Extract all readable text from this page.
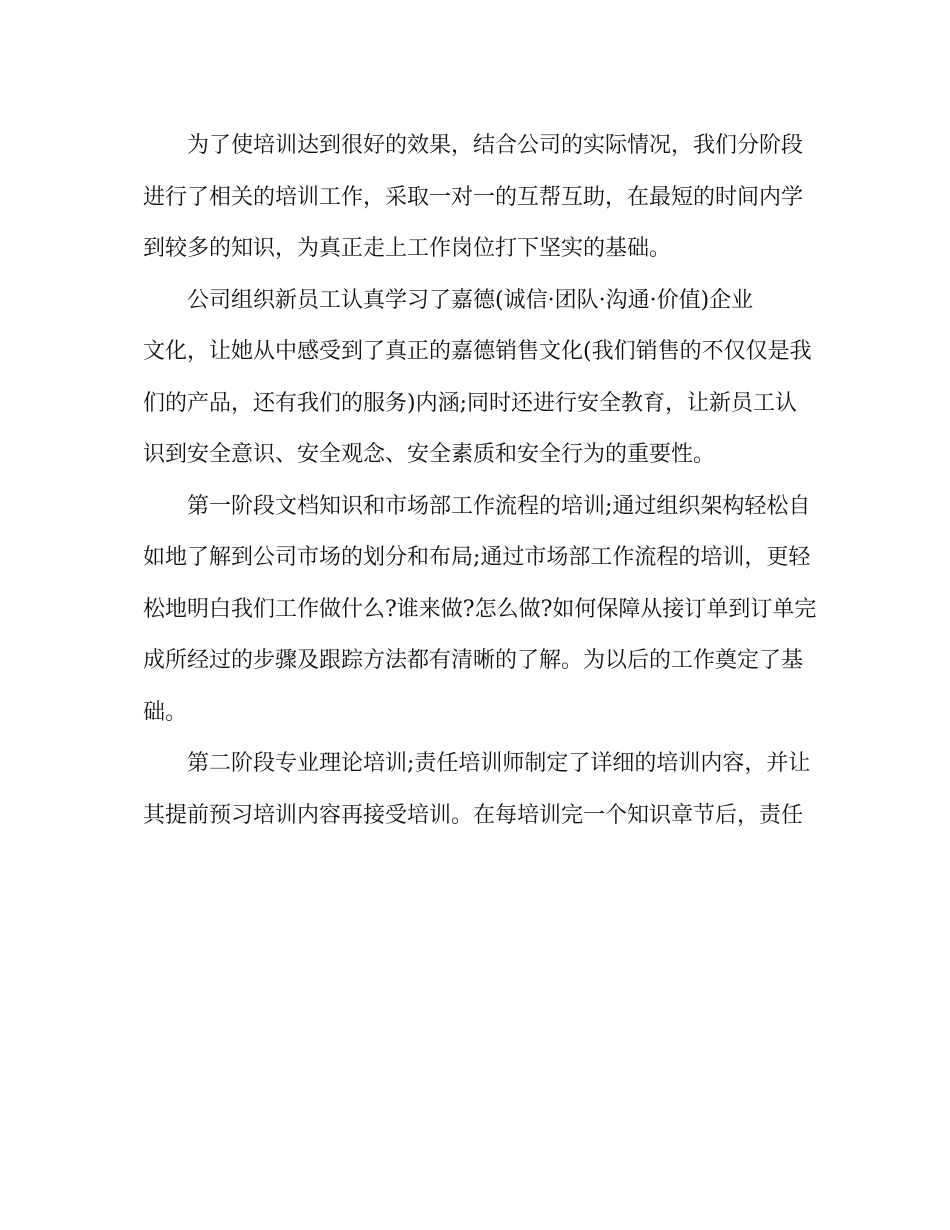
为了使培训达到很好的效果，结合公司的实际情况，我们分阶段
进行了相关的培训工作，采取一对一的互帮互助，在最短的时间内学
到较多的知识，为真正走上工作岗位打下坚实的基础。
公司组织新员工认真学习了嘉德(诚信·团队·沟通·价值)企业
文化，让她从中感受到了真正的嘉德销售文化(我们销售的不仅仅是我
们的产品，还有我们的服务)内涵;同时还进行安全教育，让新员工认
识到安全意识、安全观念、安全素质和安全行为的重要性。
第一阶段文档知识和市场部工作流程的培训;通过组织架构轻松自
如地了解到公司市场的划分和布局;通过市场部工作流程的培训，更轻
松地明白我们工作做什么?谁来做?怎么做?如何保障从接订单到订单完
成所经过的步骤及跟踪方法都有清晰的了解。为以后的工作奠定了基
础。
第二阶段专业理论培训;责任培训师制定了详细的培训内容，并让
其提前预习培训内容再接受培训。在每培训完一个知识章节后，责任
